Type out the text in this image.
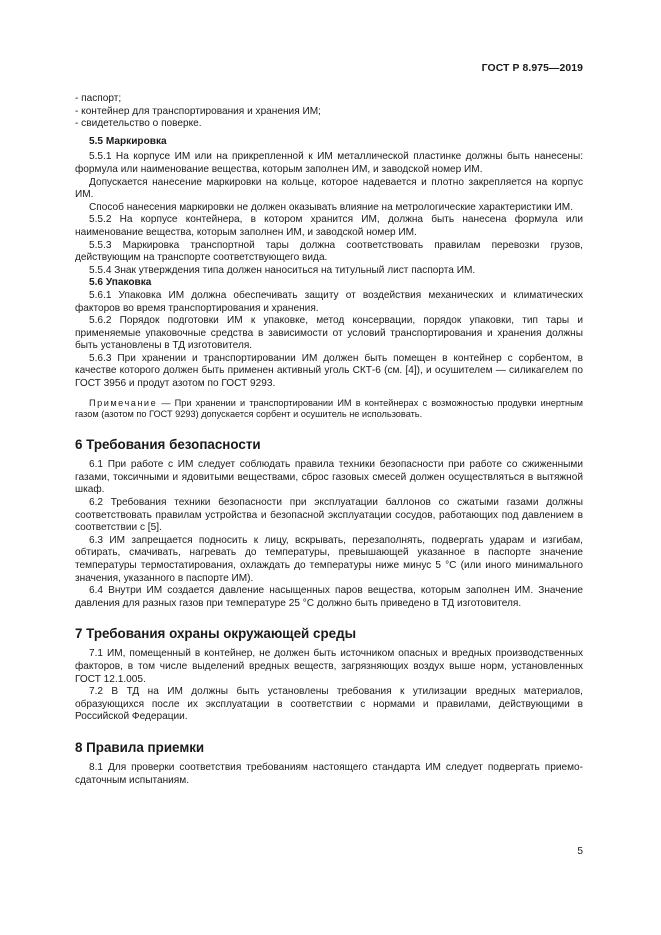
ГОСТ Р 8.975—2019

- паспорт;

- контейнер для транспортирования и хранения ИМ;

- свидетельство о поверке.

5.5 Маркировка

5.5.1 На корпусе ИМ или на прикрепленной к ИМ металлической пластинке должны быть нанесены: формула или наименование вещества, которым заполнен ИМ, и заводской номер ИМ.

Допускается нанесение маркировки на кольце, которое надевается и плотно закрепляется на корпус ИМ.

Способ нанесения маркировки не должен оказывать влияние на метрологические характеристики ИМ.

5.5.2 На корпусе контейнера, в котором хранится ИМ, должна быть нанесена формула или наименование вещества, которым заполнен ИМ, и заводской номер ИМ.

5.5.3 Маркировка транспортной тары должна соответствовать правилам перевозки грузов, действующим на транспорте соответствующего вида.

5.5.4 Знак утверждения типа должен наноситься на титульный лист паспорта ИМ.

5.6 Упаковка

5.6.1 Упаковка ИМ должна обеспечивать защиту от воздействия механических и климатических факторов во время транспортирования и хранения.

5.6.2 Порядок подготовки ИМ к упаковке, метод консервации, порядок упаковки, тип тары и применяемые упаковочные средства в зависимости от условий транспортирования и хранения должны быть установлены в ТД изготовителя.

5.6.3 При хранении и транспортировании ИМ должен быть помещен в контейнер с сорбентом, в качестве которого должен быть применен активный уголь СКТ-6 (см. [4]), и осушителем — силикагелем по ГОСТ 3956 и продут азотом по ГОСТ 9293.

Примечание — При хранении и транспортировании ИМ в контейнерах с возможностью продувки инертным газом (азотом по ГОСТ 9293) допускается сорбент и осушитель не использовать.

6 Требования безопасности

6.1 При работе с ИМ следует соблюдать правила техники безопасности при работе со сжиженными газами, токсичными и ядовитыми веществами, сброс газовых смесей должен осуществляться в вытяжной шкаф.

6.2 Требования техники безопасности при эксплуатации баллонов со сжатыми газами должны соответствовать правилам устройства и безопасной эксплуатации сосудов, работающих под давлением в соответствии с [5].

6.3 ИМ запрещается подносить к лицу, вскрывать, перезаполнять, подвергать ударам и изгибам, обтирать, смачивать, нагревать до температуры, превышающей указанное в паспорте значение температуры термостатирования, охлаждать до температуры ниже минус 5 °С (или иного минимального значения, указанного в паспорте ИМ).

6.4 Внутри ИМ создается давление насыщенных паров вещества, которым заполнен ИМ. Значение давления для разных газов при температуре 25 °С должно быть приведено в ТД изготовителя.

7 Требования охраны окружающей среды

7.1 ИМ, помещенный в контейнер, не должен быть источником опасных и вредных производственных факторов, в том числе выделений вредных веществ, загрязняющих воздух выше норм, установленных ГОСТ 12.1.005.

7.2 В ТД на ИМ должны быть установлены требования к утилизации вредных материалов, образующихся после их эксплуатации в соответствии с нормами и правилами, действующими в Российской Федерации.

8 Правила приемки

8.1 Для проверки соответствия требованиям настоящего стандарта ИМ следует подвергать приемо-сдаточным испытаниям.

5
